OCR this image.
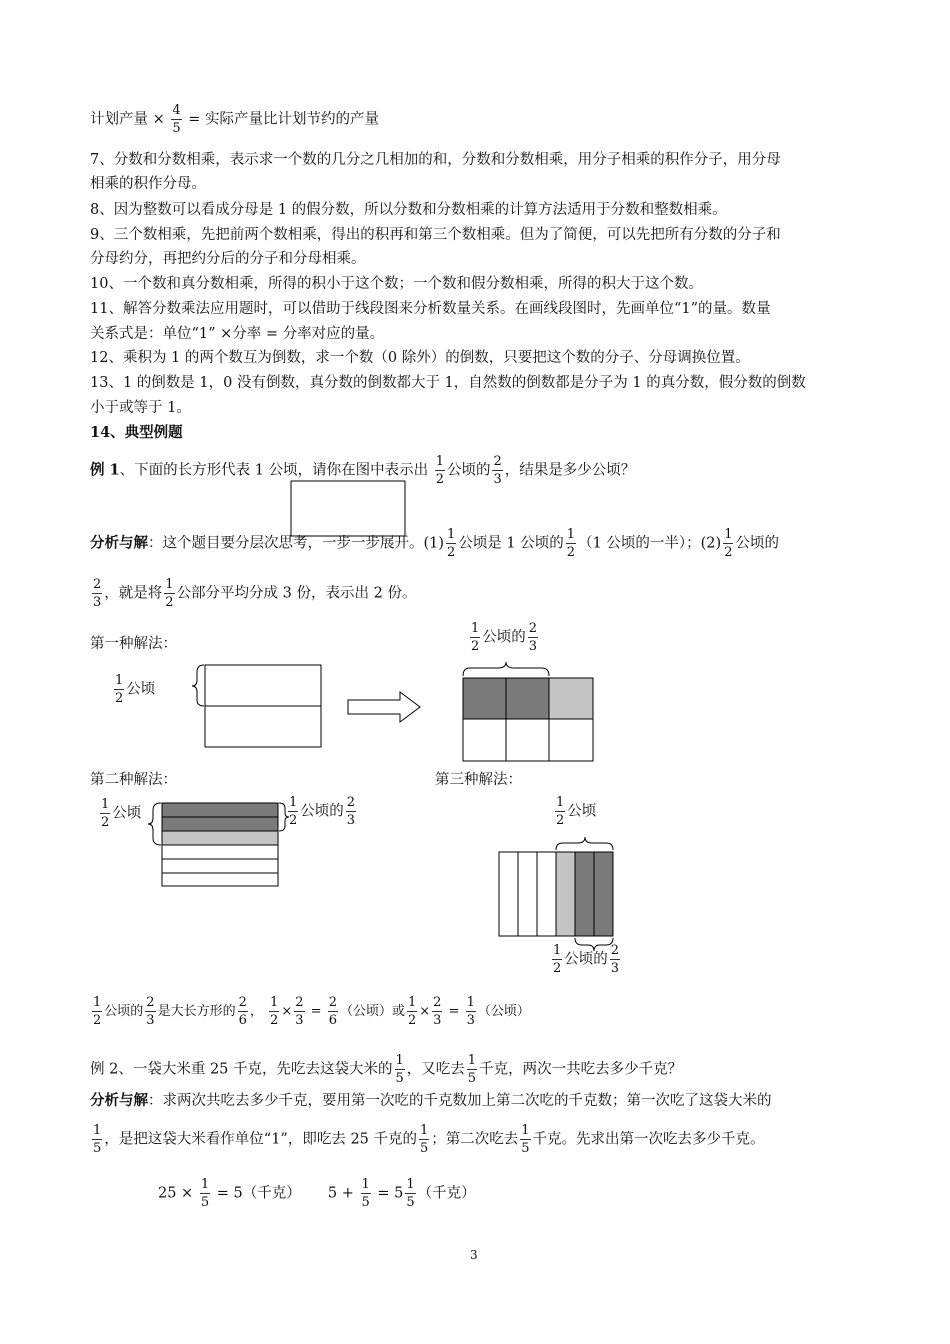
计划产量 × $\frac{4}{5}$ = 实际产量比计划节约的产量
7、分数和分数相乘，表示求一个数的几分之几相加的和，分数和分数相乘，用分子相乘的积作分子，用分母
相乘的积作分母。
8、因为整数可以看成分母是 1 的假分数，所以分数和分数相乘的计算方法适用于分数和整数相乘。
9、三个数相乘，先把前两个数相乘，得出的积再和第三个数相乘。但为了简便，可以先把所有分数的分子和
分母约分，再把约分后的分子和分母相乘。
10、一个数和真分数相乘，所得的积小于这个数；一个数和假分数相乘，所得的积大于这个数。
11、解答分数乘法应用题时，可以借助于线段图来分析数量关系。在画线段图时，先画单位“1”的量。数量
关系式是：单位“1” ×分率 = 分率对应的量。
12、乘积为 1 的两个数互为倒数，求一个数（0 除外）的倒数，只要把这个数的分子、分母调换位置。
13、1 的倒数是 1，0 没有倒数，真分数的倒数都大于 1，自然数的倒数都是分子为 1 的真分数，假分数的倒数
小于或等于 1。
14、典型例题
例 1、下面的长方形代表 1 公顷，请你在图中表示出 $\frac{1}{2}$ 公顷的 $\frac{2}{3}$ ，结果是多少公顷？
分析与解：这个题目要分层次思考，一步一步展开。$(1) \frac{1}{2}$ 公顷是 1 公顷的 $\frac{1}{2} (1$ 公顷的一半）；$(2) \frac{1}{2}$ 公顷的
$\frac{2}{3}$ ，就是将 $\frac{1}{2}$ 公部分平均分成 3 份，表示出 2 份。
第一种解法：
第二种解法：	第三种解法：
$\frac{1}{2}$ 公顷
$\frac{1}{2}$ 公顷的 $\frac{2}{3}$
$\frac{1}{2}$ 公顷	$\frac{1}{2}$ 公顷的 $\frac{2}{3}$	$\frac{1}{2}$ 公顷
$\frac{1}{2}$ 公顷的 $\frac{2}{3}$
$\frac{1}{2}$ 公顷的 $\frac{2}{3}$ 是大长方形的 $\frac{2}{6}$ ， $\frac{1}{2} \times \frac{2}{3} = \frac{2}{6}$ （公顷）或 $\frac{1}{2} \times \frac{2}{3} = \frac{1}{3}$ （公顷）
例 2、一袋大米重 25 千克，先吃去这袋大米的 $\frac{1}{5}$ ，又吃去 $\frac{1}{5}$ 千克，两次一共吃去多少千克？
分析与解：求两次共吃去多少千克，要用第一次吃的千克数加上第二次吃的千克数；第一次吃了这袋大米的
$\frac{1}{5}$ ，是把这袋大米看作单位“1”，即吃去 25 千克的 $\frac{1}{5}$ ；第二次吃去 $\frac{1}{5}$ 千克。先求出第一次吃去多少千克。
$25 \times \frac{1}{5} = 5$（千克） $5 + \frac{1}{5} = 5 \frac{1}{5}$ （千克）
3
